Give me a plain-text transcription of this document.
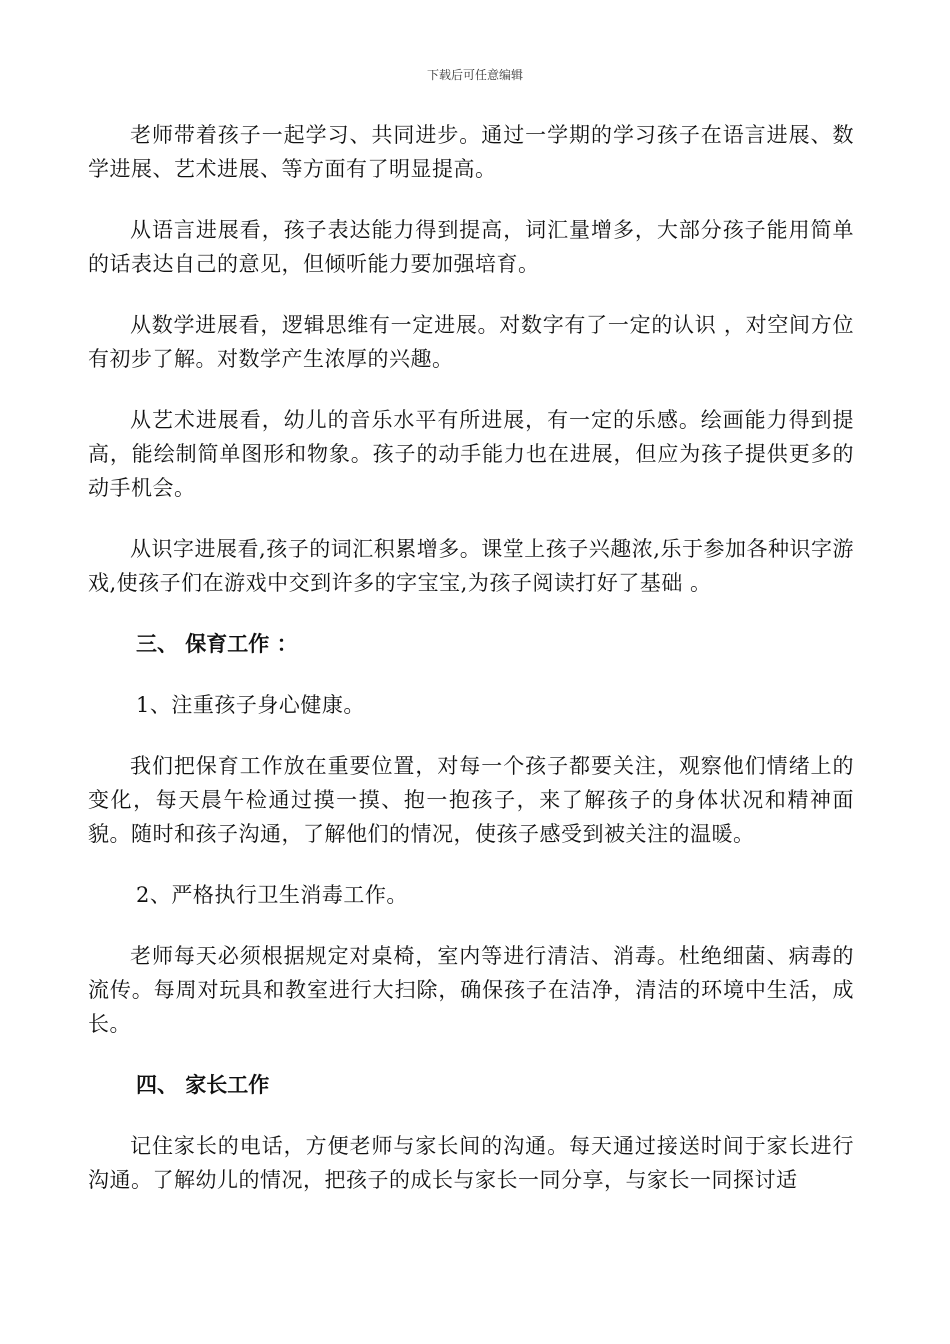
下载后可任意编辑

老师带着孩子一起学习、共同进步。通过一学期的学习孩子在语言进展、数学进展、艺术进展、等方面有了明显提高。

从语言进展看，孩子表达能力得到提高，词汇量增多，大部分孩子能用简单的话表达自己的意见，但倾听能力要加强培育。

从数学进展看，逻辑思维有一定进展。对数字有了一定的认识 ，对空间方位有初步了解。对数学产生浓厚的兴趣。

从艺术进展看，幼儿的音乐水平有所进展，有一定的乐感。绘画能力得到提高，能绘制简单图形和物象。孩子的动手能力也在进展，但应为孩子提供更多的动手机会。

从识字进展看,孩子的词汇积累增多。课堂上孩子兴趣浓,乐于参加各种识字游戏,使孩子们在游戏中交到许多的字宝宝,为孩子阅读打好了基础 。

三、 保育工作 ：
1、注重孩子身心健康。

我们把保育工作放在重要位置，对每一个孩子都要关注，观察他们情绪上的变化，每天晨午检通过摸一摸、抱一抱孩子，来了解孩子的身体状况和精神面貌。随时和孩子沟通，了解他们的情况，使孩子感受到被关注的温暖。

2、严格执行卫生消毒工作。

老师每天必须根据规定对桌椅，室内等进行清洁、消毒。杜绝细菌、病毒的流传。每周对玩具和教室进行大扫除，确保孩子在洁净，清洁的环境中生活，成长。

四、 家长工作

记住家长的电话，方便老师与家长间的沟通。每天通过接送时间于家长进行沟通。了解幼儿的情况，把孩子的成长与家长一同分享，与家长一同探讨适
